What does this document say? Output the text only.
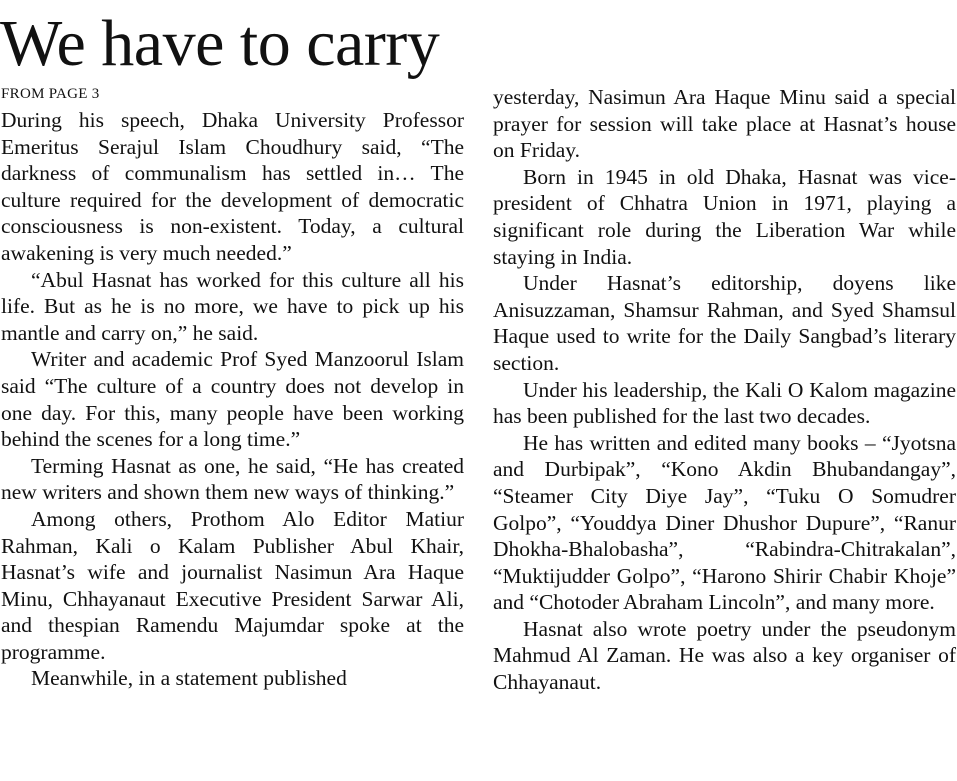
We have to carry
FROM PAGE 3

During his speech, Dhaka University Professor Emeritus Serajul Islam Choudhury said, “The darkness of communalism has settled in… The culture required for the development of democratic consciousness is non-existent. Today, a cultural awakening is very much needed.”

“Abul Hasnat has worked for this culture all his life. But as he is no more, we have to pick up his mantle and carry on,” he said.

Writer and academic Prof Syed Manzoorul Islam said “The culture of a country does not develop in one day. For this, many people have been working behind the scenes for a long time.”

Terming Hasnat as one, he said, “He has created new writers and shown them new ways of thinking.”

Among others, Prothom Alo Editor Matiur Rahman, Kali o Kalam Publisher Abul Khair, Hasnat’s wife and journalist Nasimun Ara Haque Minu, Chhayanaut Executive President Sarwar Ali, and thespian Ramendu Majumdar spoke at the programme.

Meanwhile, in a statement published

yesterday, Nasimun Ara Haque Minu said a special prayer for session will take place at Hasnat’s house on Friday.

Born in 1945 in old Dhaka, Hasnat was vice-president of Chhatra Union in 1971, playing a significant role during the Liberation War while staying in India.

Under Hasnat’s editorship, doyens like Anisuzzaman, Shamsur Rahman, and Syed Shamsul Haque used to write for the Daily Sangbad’s literary section.

Under his leadership, the Kali O Kalom magazine has been published for the last two decades.

He has written and edited many books – “Jyotsna and Durbipak”, “Kono Akdin Bhubandangay”, “Steamer City Diye Jay”, “Tuku O Somudrer Golpo”, “Youddya Diner Dhushor Dupure”, “Ranur Dhokha-Bhalobasha”, “Rabindra-Chitrakalan”, “Muktijudder Golpo”, “Harono Shirir Chabir Khoje” and “Chotoder Abraham Lincoln”, and many more.

Hasnat also wrote poetry under the pseudonym Mahmud Al Zaman. He was also a key organiser of Chhayanaut.
